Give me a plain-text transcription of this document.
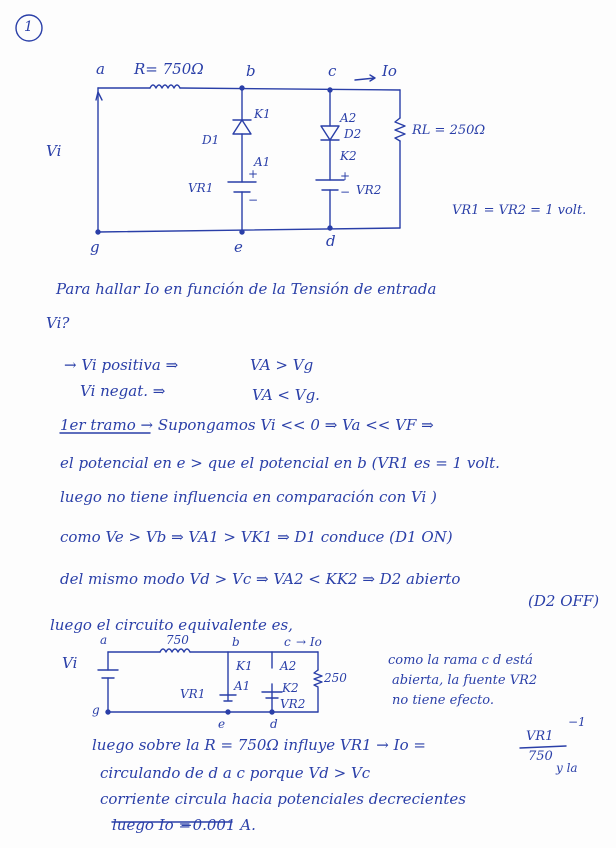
1
a R= 750Ω	b	c	Io
Vi
K1
D1
A1
VR1
+
−
A2
D2
K2
+
− VR2
RL = 250Ω
g	e	d
VR1 = VR2 = 1 volt.
Para hallar Io en función de la Tensión de entrada
Vi?
→ Vi positiva ⇒	VA > Vg
Vi negat. ⇒	VA < Vg.
1er tramo → Supongamos Vi << 0 ⇒ Va << VF ⇒
el potencial en e > que el potencial en b (VR1 es = 1 volt.
luego no tiene influencia en comparación con Vi )
como Ve > Vb ⇒ VA1 > VK1 ⇒ D1 conduce (D1 ON)
del mismo modo Vd > Vc ⇒ VA2 < KK2 ⇒ D2 abierto
(D2 OFF)
luego el circuito equivalente es,
a	750	b	c → Io
Vi	K1
A1
VR1
A2
K2
VR2
250
g
e	d
como la rama c d está
abierta, la fuente VR2
no tiene efecto.
luego sobre la R = 750Ω influye VR1 → Io =
−1
VR1
750
circulando de d a c porque Vd > Vc	y la
corriente circula hacia potenciales decrecientes
luego Io =
−0.001 A.
